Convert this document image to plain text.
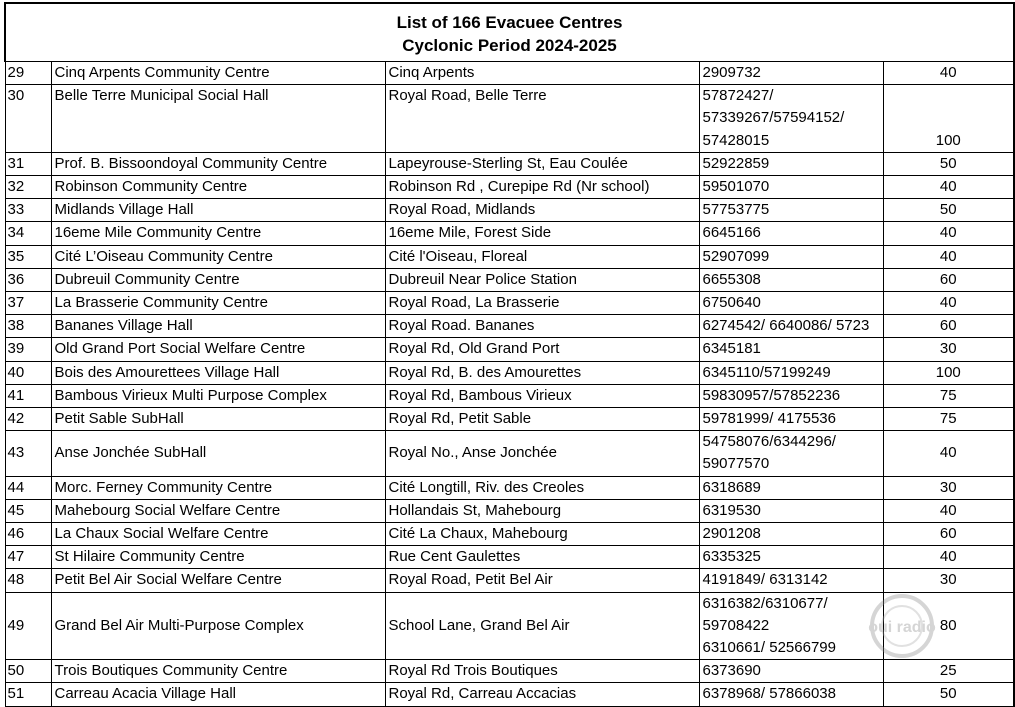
List of 166 Evacuee Centres
Cyclonic Period 2024-2025				

29	Cinq Arpents Community Centre	Cinq Arpents	2909732	40
30	Belle Terre Municipal Social Hall	Royal Road, Belle Terre	57872427/
57339267/57594152/
57428015	100
31	Prof. B. Bissoondoyal Community Centre	Lapeyrouse-Sterling St, Eau Coulée	52922859	50
32	Robinson Community Centre	Robinson Rd , Curepipe Rd (Nr school)	59501070	40
33	Midlands Village Hall	Royal Road, Midlands	57753775	50
34	16eme Mile Community Centre	16eme Mile, Forest Side	6645166	40
35	Cité L’Oiseau Community Centre	Cité l'Oiseau, Floreal	52907099	40
36	Dubreuil Community Centre	Dubreuil Near Police Station	6655308	60
37	La Brasserie Community Centre	Royal Road, La Brasserie	6750640	40
38	Bananes Village Hall	Royal Road. Bananes	6274542/ 6640086/ 5723	60
39	Old Grand Port Social Welfare Centre	Royal Rd, Old Grand Port	6345181	30
40	Bois des Amourettees Village Hall	Royal Rd, B. des Amourettes	6345110/57199249	100
41	Bambous Virieux Multi Purpose Complex	Royal Rd, Bambous Virieux	59830957/57852236	75
42	Petit Sable SubHall	Royal Rd, Petit Sable	59781999/ 4175536	75
43	Anse Jonchée SubHall	Royal No., Anse Jonchée	54758076/6344296/
59077570	40
44	Morc. Ferney Community Centre	Cité Longtill, Riv. des Creoles	6318689	30
45	Mahebourg Social Welfare Centre	Hollandais St, Mahebourg	6319530	40
46	La Chaux Social Welfare Centre	Cité La Chaux, Mahebourg	2901208	60
47	St Hilaire Community Centre	Rue Cent Gaulettes	6335325	40
48	Petit Bel Air Social Welfare Centre	Royal Road, Petit Bel Air	4191849/ 6313142	30
49	Grand Bel Air Multi-Purpose Complex	School Lane, Grand Bel Air	6316382/6310677/
59708422
6310661/ 52566799	80
50	Trois Boutiques Community Centre	Royal Rd Trois Boutiques	6373690	25
51	Carreau Acacia Village Hall	Royal Rd, Carreau Accacias	6378968/ 57866038	50
oui radio
